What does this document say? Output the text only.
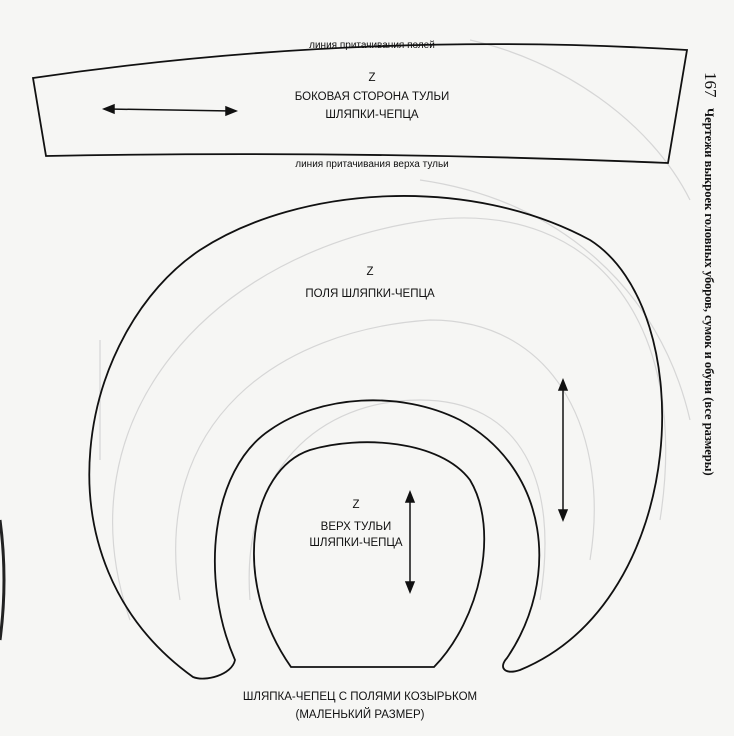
линия притачивания полей
Z
БОКОВАЯ СТОРОНА ТУЛЬИ
ШЛЯПКИ-ЧЕПЦА
линия притачивания верха тульи
Z
ПОЛЯ ШЛЯПКИ-ЧЕПЦА
Z
ВЕРХ ТУЛЬИ
ШЛЯПКИ-ЧЕПЦА
ШЛЯПКА-ЧЕПЕЦ С ПОЛЯМИ КОЗЫРЬКОМ
(МАЛЕНЬКИЙ РАЗМЕР)
167
Чертежи выкроек головных уборов, сумок и обуви (все размеры)
